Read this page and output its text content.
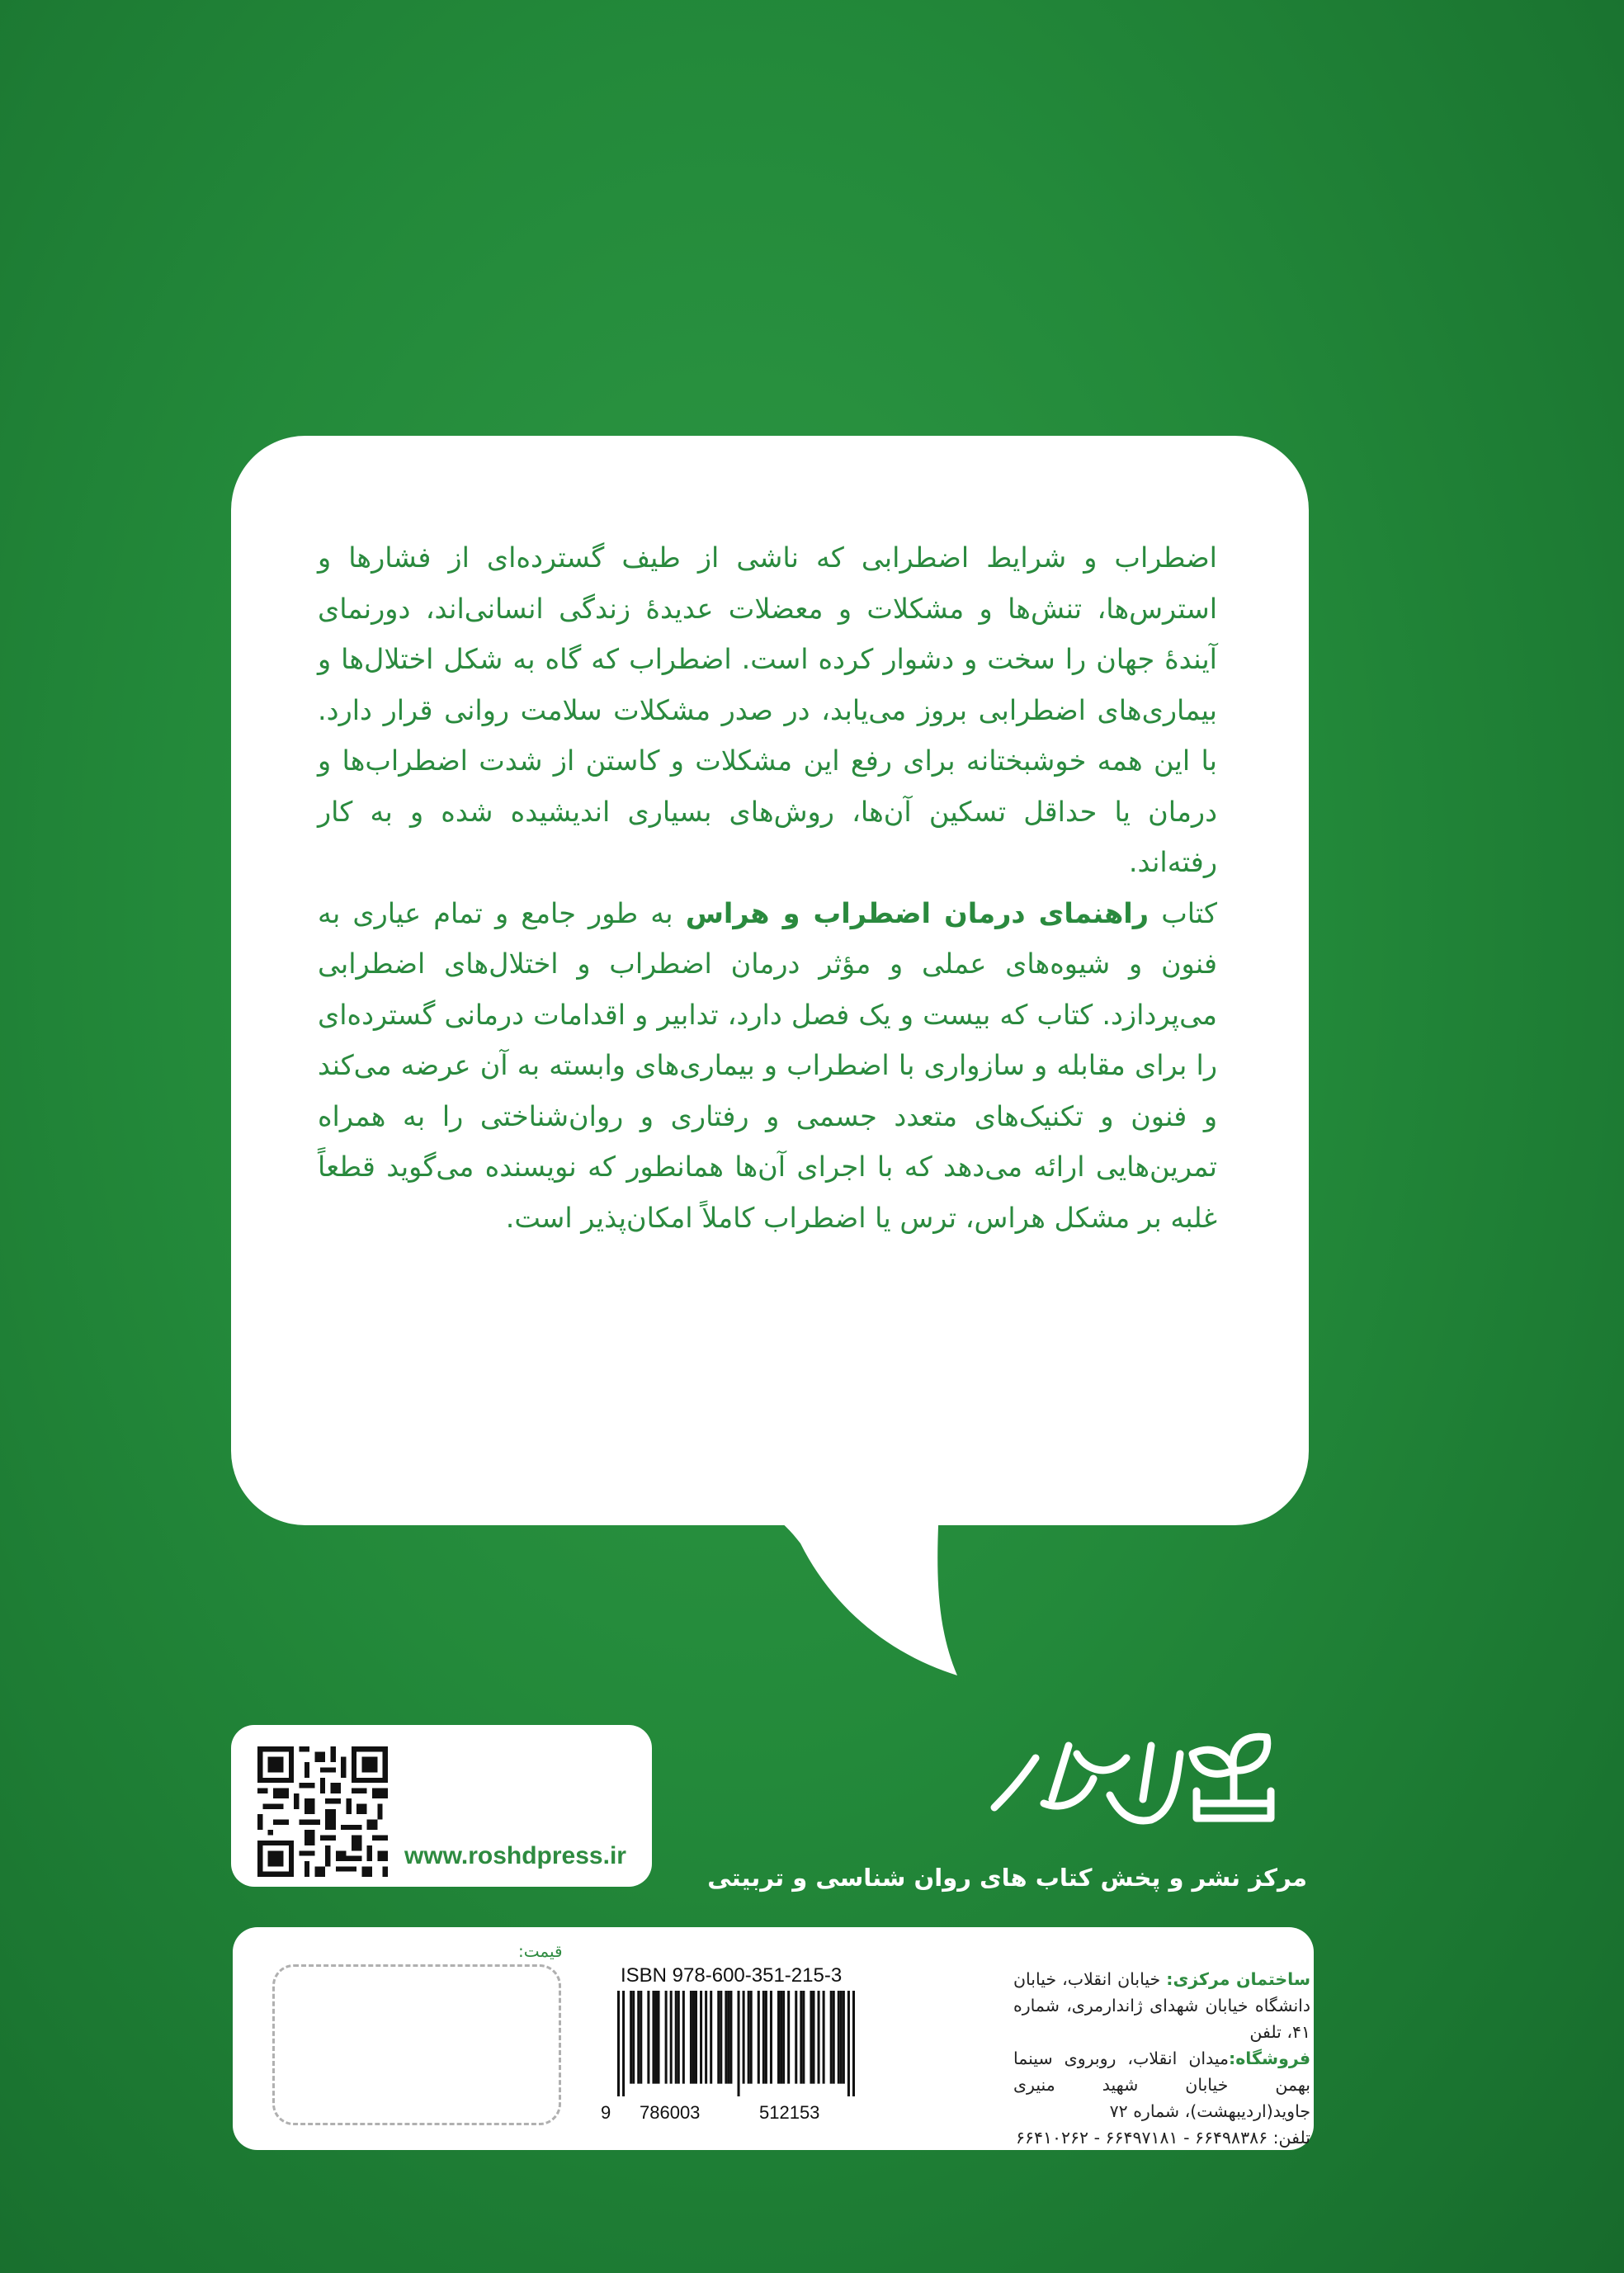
اضطراب و شرایط اضطرابی که ناشی از طیف گسترده‌ای از فشارها و استرس‌ها، تنش‌ها و مشکلات و معضلات عدیدهٔ زندگی انسانی‌اند، دورنمای آیندهٔ جهان را سخت و دشوار کرده است. اضطراب که گاه به شکل اختلال‌ها و بیماری‌های اضطرابی بروز می‌یابد، در صدر مشکلات سلامت روانی قرار دارد. با این همه خوشبختانه برای رفع این مشکلات و کاستن از شدت اضطراب‌ها و درمان یا حداقل تسکین آن‌ها، روش‌های بسیاری اندیشیده شده و به کار رفته‌اند.

کتاب راهنمای درمان اضطراب و هراس به طور جامع و تمام عیاری به فنون و شیوه‌های عملی و مؤثر درمان اضطراب و اختلال‌های اضطرابی می‌پردازد. کتاب که بیست و یک فصل دارد، تدابیر و اقدامات درمانی گسترده‌ای را برای مقابله و سازواری با اضطراب و بیماری‌های وابسته به آن عرضه می‌کند و فنون و تکنیک‌های متعدد جسمی و رفتاری و روان‌شناختی را به همراه تمرین‌هایی ارائه می‌دهد که با اجرای آن‌ها همانطور که نویسنده می‌گوید قطعاً غلبه بر مشکل هراس، ترس یا اضطراب کاملاً امکان‌پذیر است.

www.roshdpress.ir
مرکز نشر و پخش کتاب های روان شناسی و تربیتی
قیمت:
ISBN 978-600-351-215-3
9 786003	512153

ساختمان مرکزی: خیابان انقلاب، خیابان دانشگاه خیابان شهدای ژاندارمری، شماره ۴۱، تلفن

فروشگاه:میدان انقلاب، روبروی سینما بهمن خیابان شهید منیری جاوید(اردیبهشت)، شماره ۷۲

تلفن: ۶۶۴۹۸۳۸۶ - ۶۶۴۹۷۱۸۱ - ۶۶۴۱۰۲۶۲
